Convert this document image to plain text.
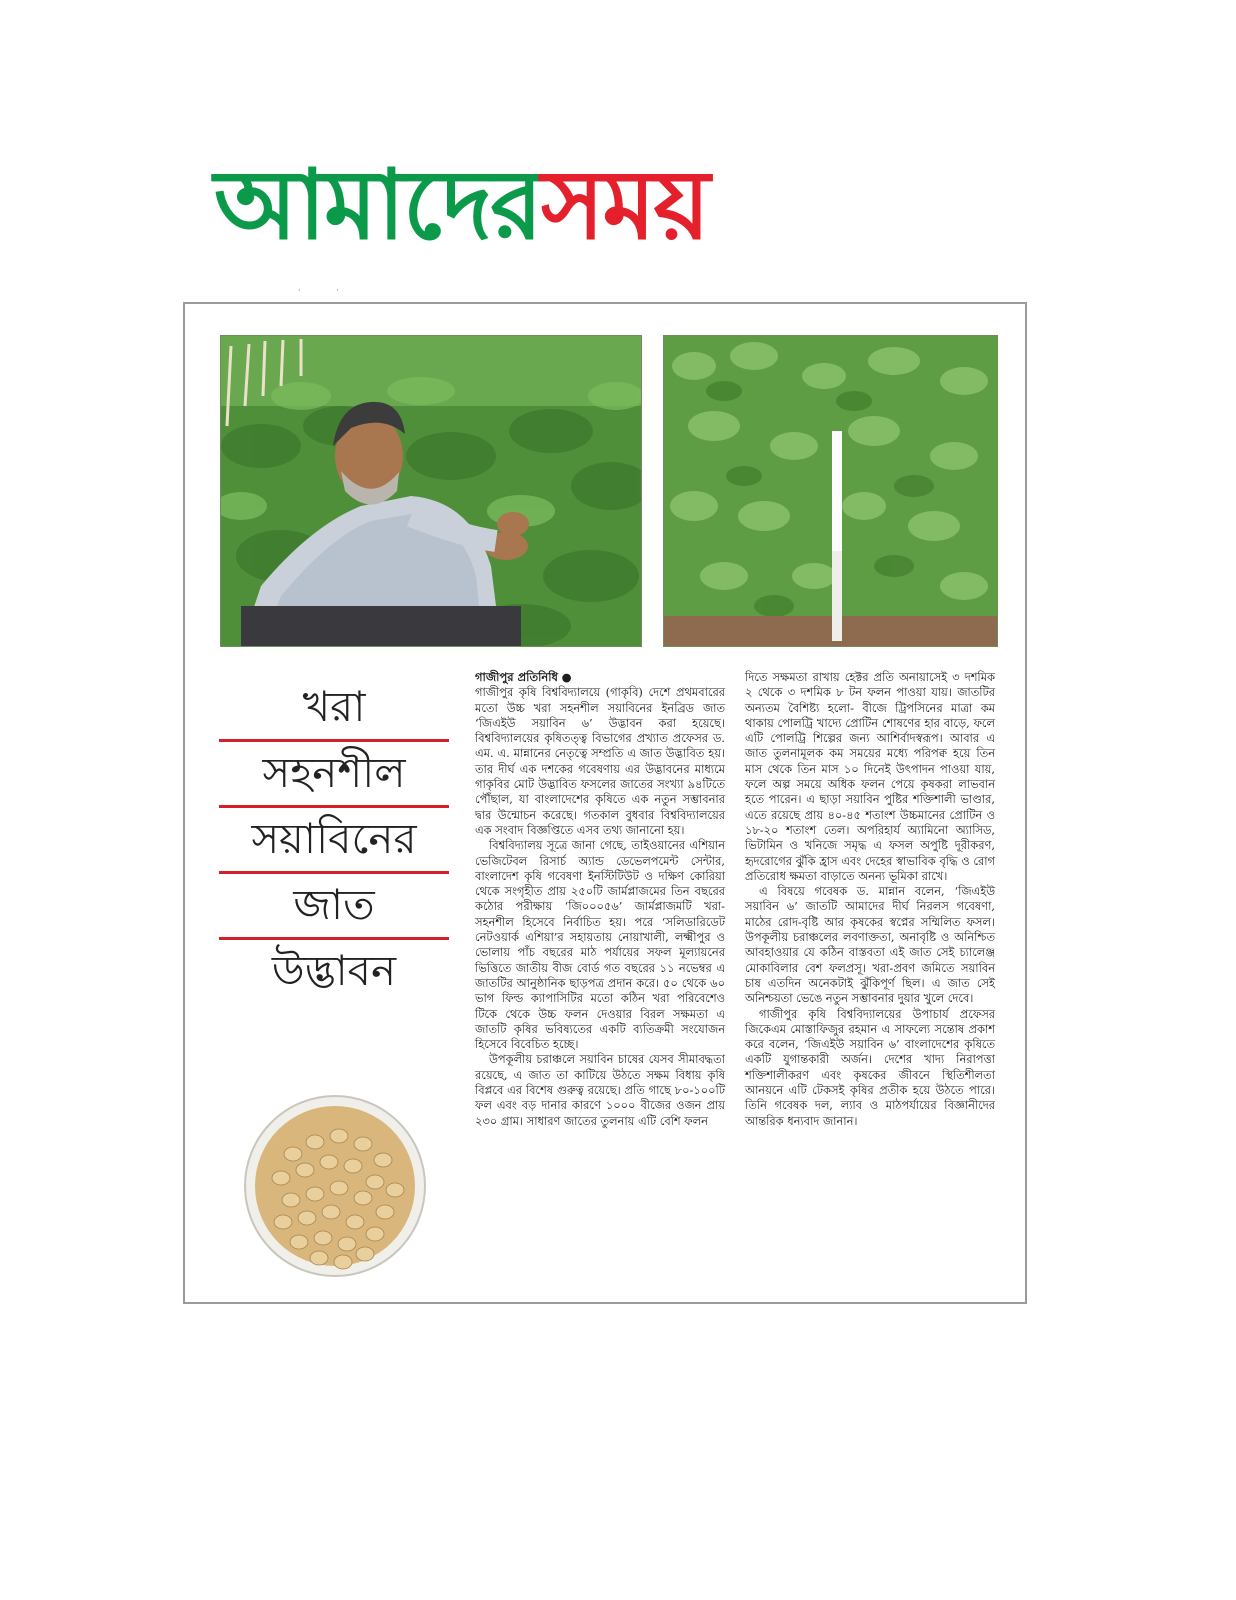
আমাদেরসময়
·              ·
খরা
সহনশীল
সয়াবিনের
জাত
উদ্ভাবন

গাজীপুর প্রতিনিধি ●

গাজীপুর কৃষি বিশ্ববিদ্যালয়ে (গাকৃবি) দেশে প্রথমবারের মতো উচ্চ খরা সহনশীল সয়াবিনের ইনব্রিড জাত ‘জিএইউ সয়াবিন ৬’ উদ্ভাবন করা হয়েছে। বিশ্ববিদ্যালয়ের কৃষিতত্ত্ব বিভাগের প্রখ্যাত প্রফেসর ড. এম. এ. মান্নানের নেতৃত্বে সম্প্রতি এ জাত উদ্ভাবিত হয়। তার দীর্ঘ এক দশকের গবেষণায় এর উদ্ভাবনের মাধ্যমে গাকৃবির মোট উদ্ভাবিত ফসলের জাতের সংখ্যা ৯৪টিতে পৌঁছাল, যা বাংলাদেশের কৃষিতে এক নতুন সম্ভাবনার দ্বার উন্মোচন করেছে। গতকাল বুধবার বিশ্ববিদ্যালয়ের এক সংবাদ বিজ্ঞপ্তিতে এসব তথ্য জানানো হয়।

বিশ্ববিদ্যালয় সূত্রে জানা গেছে, তাইওয়ানের এশিয়ান ভেজিটেবল রিসার্চ অ্যান্ড ডেভেলপমেন্ট সেন্টার, বাংলাদেশ কৃষি গবেষণা ইনস্টিটিউট ও দক্ষিণ কোরিয়া থেকে সংগৃহীত প্রায় ২৫০টি জার্মপ্লাজমের তিন বছরের কঠোর পরীক্ষায় ‘জি০০০৫৬’ জার্মপ্লাজমটি খরা-সহনশীল হিসেবে নির্বাচিত হয়। পরে ‘সলিডারিডেট নেটওয়ার্ক এশিয়া’র সহায়তায় নোয়াখালী, লক্ষ্মীপুর ও ভোলায় পাঁচ বছরের মাঠ পর্যায়ের সফল মূল্যায়নের ভিত্তিতে জাতীয় বীজ বোর্ড গত বছরের ১১ নভেম্বর এ জাতটির আনুষ্ঠানিক ছাড়পত্র প্রদান করে। ৫০ থেকে ৬০ ভাগ ফিল্ড ক্যাপাসিটির মতো কঠিন খরা পরিবেশেও টিকে থেকে উচ্চ ফলন দেওয়ার বিরল সক্ষমতা এ জাতটি কৃষির ভবিষ্যতের একটি ব্যতিক্রমী সংযোজন হিসেবে বিবেচিত হচ্ছে।

উপকূলীয় চরাঞ্চলে সয়াবিন চাষের যেসব সীমাবদ্ধতা রয়েছে, এ জাত তা কাটিয়ে উঠতে সক্ষম বিধায় কৃষি বিপ্লবে এর বিশেষ গুরুত্ব রয়েছে। প্রতি গাছে ৮০-১০০টি ফল এবং বড় দানার কারণে ১০০০ বীজের ওজন প্রায় ২৩০ গ্রাম। সাধারণ জাতের তুলনায় এটি বেশি ফলন

দিতে সক্ষমতা রাখায় হেক্টর প্রতি অনায়াসেই ৩ দশমিক ২ থেকে ৩ দশমিক ৮ টন ফলন পাওয়া যায়। জাতটির অন্যতম বৈশিষ্ট্য হলো- বীজে ট্রিপসিনের মাত্রা কম থাকায় পোলট্রি খাদ্যে প্রোটিন শোষণের হার বাড়ে, ফলে এটি পোলট্রি শিল্পের জন্য আশির্বাদস্বরূপ। আবার এ জাত তুলনামূলক কম সময়ের মধ্যে পরিপক্ব হয়ে তিন মাস থেকে তিন মাস ১০ দিনেই উৎপাদন পাওয়া যায়, ফলে অল্প সময়ে অধিক ফলন পেয়ে কৃষকরা লাভবান হতে পারেন। এ ছাড়া সয়াবিন পুষ্টির শক্তিশালী ভাণ্ডার, এতে রয়েছে প্রায় ৪০-৪৫ শতাংশ উচ্চমানের প্রোটিন ও ১৮-২০ শতাংশ তেল। অপরিহার্য অ্যামিনো অ্যাসিড, ভিটামিন ও খনিজে সমৃদ্ধ এ ফসল অপুষ্টি দূরীকরণ, হৃদরোগের ঝুঁকি হ্রাস এবং দেহের স্বাভাবিক বৃদ্ধি ও রোগ প্রতিরোধ ক্ষমতা বাড়াতে অনন্য ভূমিকা রাখে।

এ বিষয়ে গবেষক ড. মান্নান বলেন, ‘জিএইউ সয়াবিন ৬’ জাতটি আমাদের দীর্ঘ নিরলস গবেষণা, মাঠের রোদ-বৃষ্টি আর কৃষকের স্বপ্নের সম্মিলিত ফসল। উপকূলীয় চরাঞ্চলের লবণাক্ততা, অনাবৃষ্টি ও অনিশ্চিত আবহাওয়ার যে কঠিন বাস্তবতা এই জাত সেই চ্যালেঞ্জ মোকাবিলার বেশ ফলপ্রসূ। খরা-প্রবণ জমিতে সয়াবিন চাষ এতদিন অনেকটাই ঝুঁকিপূর্ণ ছিল। এ জাত সেই অনিশ্চয়তা ভেঙে নতুন সম্ভাবনার দুয়ার খুলে দেবে।

গাজীপুর কৃষি বিশ্ববিদ্যালয়ের উপাচার্য প্রফেসর জিকেএম মোস্তাফিজুর রহমান এ সাফল্যে সন্তোষ প্রকাশ করে বলেন, ‘জিএইউ সয়াবিন ৬’ বাংলাদেশের কৃষিতে একটি যুগান্তকারী অর্জন। দেশের খাদ্য নিরাপত্তা শক্তিশালীকরণ এবং কৃষকের জীবনে স্থিতিশীলতা আনয়নে এটি টেকসই কৃষির প্রতীক হয়ে উঠতে পারে। তিনি গবেষক দল, ল্যাব ও মাঠপর্যায়ের বিজ্ঞানীদের আন্তরিক ধন্যবাদ জানান।
